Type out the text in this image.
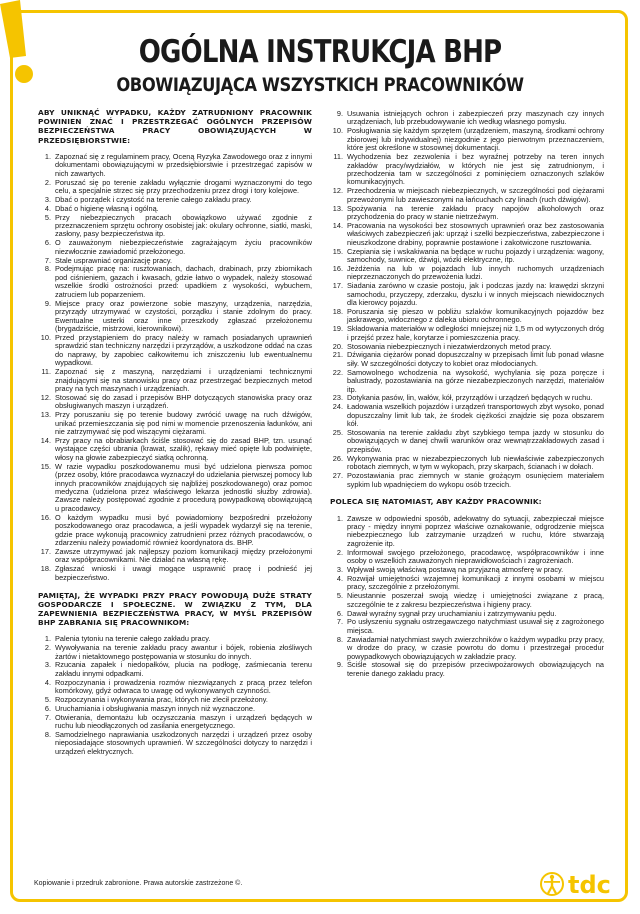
OGÓLNA INSTRUKCJA BHP
OBOWIĄZUJĄCA WSZYSTKICH PRACOWNIKÓW
ABY UNIKNĄĆ WYPADKU, KAŻDY ZATRUDNIONY PRACOWNIK POWINIEN ZNAĆ I PRZESTRZEGAĆ OGÓLNYCH PRZEPISÓW BEZPIECZEŃSTWA PRACY OBOWIĄZUJĄCYCH W PRZEDSIĘBIORSTWIE:
1. Zapoznać się z regulaminem pracy, Oceną Ryzyka Zawodowego oraz z innymi dokumentami obowiązującymi w przedsiębiorstwie i przestrzegać zapisów w nich zawartych.
2. Poruszać się po terenie zakładu wyłącznie drogami wyznaczonymi do tego celu, a specjalnie strzec się przy przechodzeniu przez drogi i tory kolejowe.
3. Dbać o porządek i czystość na terenie całego zakładu pracy.
4. Dbać o higienę własną i ogólną.
5. Przy niebezpiecznych pracach obowiązkowo używać zgodnie z przeznaczeniem sprzętu ochrony osobistej jak: okulary ochronne, siatki, maski, zasłony, pasy bezpieczeństwa itp.
6. O zauważonym niebezpieczeństwie zagrażającym życiu pracowników niezwłocznie zawiadomić przełożonego.
7. Stale usprawniać organizację pracy.
8. Podejmując pracę na: rusztowaniach, dachach, drabinach, przy zbiornikach pod ciśnieniem, gazach i kwasach, gdzie łatwo o wypadek, należy stosować wszelkie środki ostrożności przed: upadkiem z wysokości, wybuchem, zatruciem lub poparzeniem.
9. Miejsce pracy oraz powierzone sobie maszyny, urządzenia, narzędzia, przyrządy utrzymywać w czystości, porządku i stanie zdolnym do pracy. Ewentualne usterki oraz inne przeszkody zgłaszać przełożonemu (brygadziście, mistrzowi, kierownikowi).
10. Przed przystąpieniem do pracy należy w ramach posiadanych uprawnień sprawdzić stan techniczny narzędzi i przyrządów, a uszkodzone oddać na czas do naprawy, by zapobiec całkowitemu ich zniszczeniu lub ewentualnemu wypadkowi.
11. Zapoznać się z maszyną, narzędziami i urządzeniami technicznymi znajdującymi się na stanowisku pracy oraz przestrzegać bezpiecznych metod pracy na tych maszynach i urządzeniach.
12. Stosować się do zasad i przepisów BHP dotyczących stanowiska pracy oraz obsługiwanych maszyn i urządzeń.
13. Przy poruszaniu się po terenie budowy zwrócić uwagę na ruch dźwigów, unikać przemieszczania się pod nimi w momencie przenoszenia ładunków, ani nie zatrzymywać się pod wiszącymi ciężarami.
14. Przy pracy na obrabiarkach ściśle stosować się do zasad BHP, tzn. usunąć wystające części ubrania (krawat, szalik), rękawy mieć opięte lub podwinięte, włosy na głowie zabezpieczyć siatką ochronną.
15. W razie wypadku poszkodowanemu musi być udzielona pierwsza pomoc (przez osoby, które pracodawca wyznaczył do udzielania pierwszej pomocy lub innych pracowników znajdujących się najbliżej poszkodowanego) oraz pomoc medyczna (udzielona przez właściwego lekarza jednostki służby zdrowia). Zawsze należy postępować zgodnie z procedurą powypadkową obowiązującą u pracodawcy.
16. O każdym wypadku musi być powiadomiony bezpośredni przełożony poszkodowanego oraz pracodawca, a jeśli wypadek wydarzył się na terenie, gdzie prace wykonują pracownicy zatrudnieni przez różnych pracodawców, o zdarzeniu należy powiadomić również koordynatora ds. BHP.
17. Zawsze utrzymywać jak najlepszy poziom komunikacji między przełożonymi oraz współpracownikami. Nie działać na własną rękę.
18. Zgłaszać wnioski i uwagi mogące usprawnić pracę i podnieść jej bezpieczeństwo.
PAMIĘTAJ, ŻE WYPADKI PRZY PRACY POWODUJĄ DUŻE STRATY GOSPODARCZE I SPOŁECZNE. W ZWIĄZKU Z TYM, DLA ZAPEWNIENIA BEZPIECZEŃSTWA PRACY, W MYŚL PRZEPISÓW BHP ZABRANIA SIĘ PRACOWNIKOM:
1. Palenia tytoniu na terenie całego zakładu pracy.
2. Wywoływania na terenie zakładu pracy awantur i bójek, robienia złośliwych żartów i nietaktownego postępowania w stosunku do innych.
3. Rzucania zapałek i niedopałków, plucia na podłogę, zaśmiecania terenu zakładu innymi odpadkami.
4. Rozpoczynania i prowadzenia rozmów niezwiązanych z pracą przez telefon komórkowy, gdyż odwraca to uwagę od wykonywanych czynności.
5. Rozpoczynania i wykonywania prac, których nie zlecił przełożony.
6. Uruchamiania i obsługiwania maszyn innych niż wyznaczone.
7. Otwierania, demontażu lub oczyszczania maszyn i urządzeń będących w ruchu lub nieodłączonych od zasilania energetycznego.
8. Samodzielnego naprawiania uszkodzonych narzędzi i urządzeń przez osoby nieposiadające stosownych uprawnień. W szczególności dotyczy to narzędzi i urządzeń elektrycznych.
9. Usuwania istniejących ochron i zabezpieczeń przy maszynach czy innych urządzeniach, lub przebudowywanie ich według własnego pomysłu.
10. Posługiwania się każdym sprzętem (urządzeniem, maszyną, środkami ochrony zbiorowej lub indywidualnej) niezgodnie z jego pierwotnym przeznaczeniem, które jest określone w stosownej dokumentacji.
11. Wychodzenia bez zezwolenia i bez wyraźnej potrzeby na teren innych zakładów pracy/wydziałów, w których nie jest się zatrudnionym, i przechodzenia tam w szczególności z pominięciem oznaczonych szlaków komunikacyjnych.
12. Przechodzenia w miejscach niebezpiecznych, w szczególności pod ciężarami przewożonymi lub zawieszonymi na łańcuchach czy linach (ruch dźwigów).
13. Spożywania na terenie zakładu pracy napojów alkoholowych oraz przychodzenia do pracy w stanie nietrzeźwym.
14. Pracowania na wysokości bez stosownych uprawnień oraz bez zastosowania właściwych zabezpieczeń jak: uprząż i szelki bezpieczeństwa, zabezpieczone i nieuszkodzone drabiny, poprawnie postawione i zakotwiczone rusztowania.
15. Czepiania się i wskakiwania na będące w ruchu pojazdy i urządzenia: wagony, samochody, suwnice, dźwigi, wózki elektryczne, itp.
16. Jeżdżenia na lub w pojazdach lub innych ruchomych urządzeniach nieprzeznaczonych do przewożenia ludzi.
17. Siadania zarówno w czasie postoju, jak i podczas jazdy na: krawędzi skrzyni samochodu, przyczepy, zderzaku, dyszlu i w innych miejscach niewidocznych dla kierowcy pojazdu.
18. Poruszania się pieszo w pobliżu szlaków komunikacyjnych pojazdów bez jaskrawego, widocznego z daleka ubioru ochronnego.
19. Składowania materiałów w odległości mniejszej niż 1,5 m od wytyczonych dróg i przejść przez hale, korytarze i pomieszczenia pracy.
20. Stosowania niebezpiecznych i niezatwierdzonych metod pracy.
21. Dźwigania ciężarów ponad dopuszczalny w przepisach limit lub ponad własne siły. W szczególności dotyczy to kobiet oraz młodocianych.
22. Samowolnego wchodzenia na wysokość, wychylania się poza poręcze i balustrady, pozostawiania na górze niezabezpieczonych narzędzi, materiałów itp.
23. Dotykania pasów, lin, wałów, kół, przyrządów i urządzeń będących w ruchu.
24. Ładowania wszelkich pojazdów i urządzeń transportowych zbyt wysoko, ponad dopuszczalny limit lub tak, że środek ciężkości znajdzie się poza obszarem kół.
25. Stosowania na terenie zakładu zbyt szybkiego tempa jazdy w stosunku do obowiązujących w danej chwili warunków oraz wewnątrzzakładowych zasad i przepisów.
26. Wykonywania prac w niezabezpieczonych lub niewłaściwie zabezpieczonych robotach ziemnych, w tym w wykopach, przy skarpach, ścianach i w dołach.
27. Pozostawiania prac ziemnych w stanie grożącym osunięciem materiałem sypkim lub wpadnięciem do wykopu osób trzecich.
POLECA SIĘ NATOMIAST, ABY KAŻDY PRACOWNIK:
1. Zawsze w odpowiedni sposób, adekwatny do sytuacji, zabezpieczał miejsce pracy - między innymi poprzez właściwe oznakowanie, odgrodzenie miejsca niebezpiecznego lub zatrzymanie urządzeń w ruchu, które stwarzają zagrożenie itp.
2. Informował swojego przełożonego, pracodawcę, współpracowników i inne osoby o wszelkich zauważonych nieprawidłowościach i zagrożeniach.
3. Wpływał swoją właściwą postawą na przyjazną atmosferę w pracy.
4. Rozwijał umiejętności wzajemnej komunikacji z innymi osobami w miejscu pracy, szczególnie z przełożonymi.
5. Nieustannie poszerzał swoją wiedzę i umiejętności związane z pracą, szczególnie te z zakresu bezpieczeństwa i higieny pracy.
6. Dawał wyraźny sygnał przy uruchamianiu i zatrzymywaniu pędu.
7. Po usłyszeniu sygnału ostrzegawczego natychmiast usuwał się z zagrożonego miejsca.
8. Zawiadamiał natychmiast swych zwierzchników o każdym wypadku przy pracy, w drodze do pracy, w czasie powrotu do domu i przestrzegał procedur powypadkowych obowiązujących w zakładzie pracy.
9. Ściśle stosował się do przepisów przeciwpożarowych obowiązujących na terenie danego zakładu pracy.
Kopiowanie i przedruk zabronione. Prawa autorskie zastrzeżone ©.	tdc
